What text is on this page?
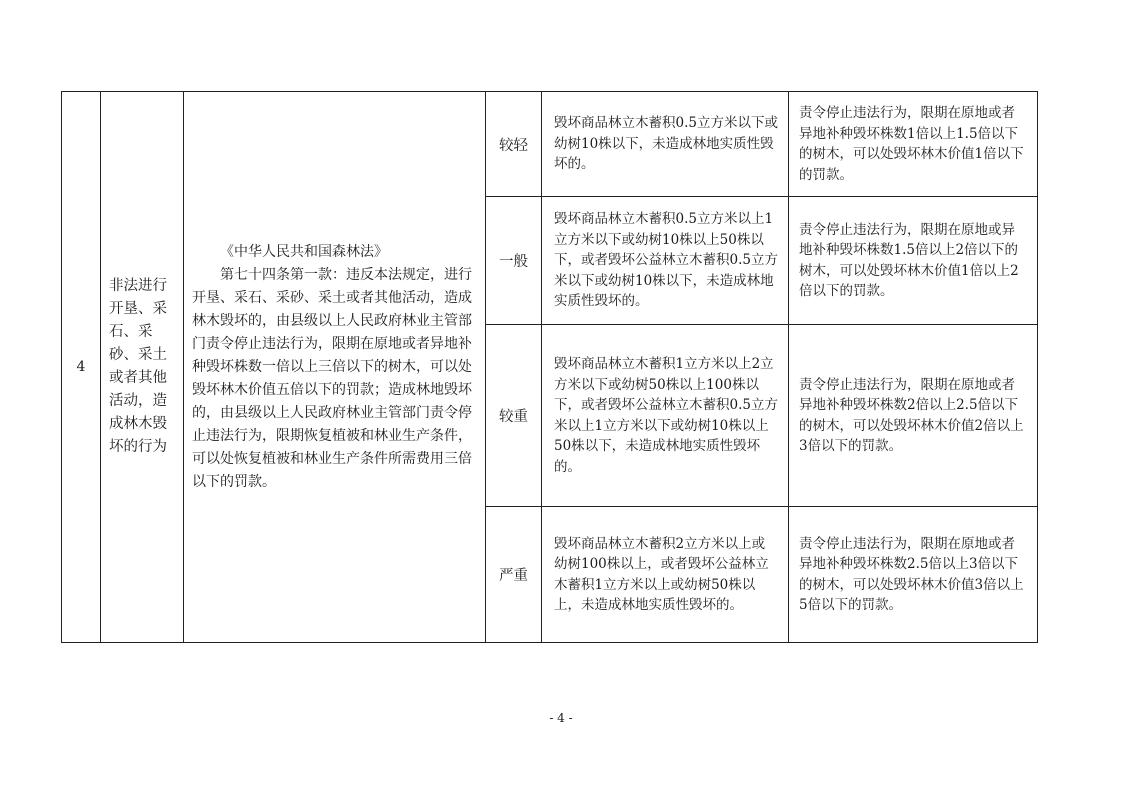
4	非法进行开垦、采石、采砂、采土或者其他活动，造成林木毁坏的行为	《中华人民共和国森林法》
第七十四条第一款：违反本法规定，进行开垦、采石、采砂、采土或者其他活动，造成林木毁坏的，由县级以上人民政府林业主管部门责令停止违法行为，限期在原地或者异地补种毁坏株数一倍以上三倍以下的树木，可以处毁坏林木价值五倍以下的罚款；造成林地毁坏的，由县级以上人民政府林业主管部门责令停止违法行为，限期恢复植被和林业生产条件，可以处恢复植被和林业生产条件所需费用三倍以下的罚款。	较轻	毁坏商品林立木蓄积0.5立方米以下或幼树10株以下，未造成林地实质性毁坏的。	责令停止违法行为，限期在原地或者异地补种毁坏株数1倍以上1.5倍以下的树木，可以处毁坏林木价值1倍以下的罚款。
			一般	毁坏商品林立木蓄积0.5立方米以上1立方米以下或幼树10株以上50株以下，或者毁坏公益林立木蓄积0.5立方米以下或幼树10株以下，未造成林地实质性毁坏的。	责令停止违法行为，限期在原地或异地补种毁坏株数1.5倍以上2倍以下的树木，可以处毁坏林木价值1倍以上2倍以下的罚款。
			较重	毁坏商品林立木蓄积1立方米以上2立方米以下或幼树50株以上100株以下，或者毁坏公益林立木蓄积0.5立方米以上1立方米以下或幼树10株以上50株以下，未造成林地实质性毁坏的。	责令停止违法行为，限期在原地或者异地补种毁坏株数2倍以上2.5倍以下的树木，可以处毁坏林木价值2倍以上3倍以下的罚款。
			严重	毁坏商品林立木蓄积2立方米以上或幼树100株以上，或者毁坏公益林立木蓄积1立方米以上或幼树50株以上，未造成林地实质性毁坏的。	责令停止违法行为，限期在原地或者异地补种毁坏株数2.5倍以上3倍以下的树木，可以处毁坏林木价值3倍以上5倍以下的罚款。
- 4 -
